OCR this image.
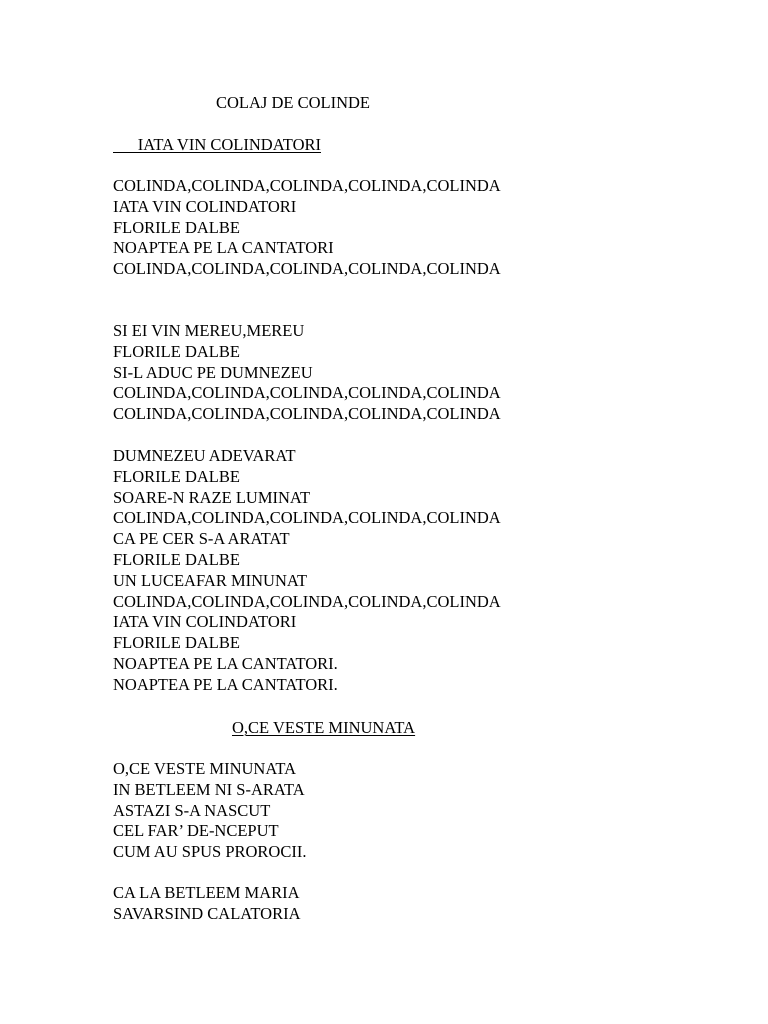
COLAJ DE COLINDE
IATA VIN COLINDATORI
COLINDA,COLINDA,COLINDA,COLINDA,COLINDA
IATA VIN COLINDATORI
FLORILE DALBE
NOAPTEA PE LA CANTATORI
COLINDA,COLINDA,COLINDA,COLINDA,COLINDA
SI EI VIN MEREU,MEREU
FLORILE DALBE
SI-L ADUC PE DUMNEZEU
COLINDA,COLINDA,COLINDA,COLINDA,COLINDA
COLINDA,COLINDA,COLINDA,COLINDA,COLINDA
DUMNEZEU ADEVARAT
FLORILE DALBE
SOARE-N RAZE LUMINAT
COLINDA,COLINDA,COLINDA,COLINDA,COLINDA
CA PE CER S-A ARATAT
FLORILE DALBE
UN LUCEAFAR MINUNAT
COLINDA,COLINDA,COLINDA,COLINDA,COLINDA
IATA VIN COLINDATORI
FLORILE DALBE
NOAPTEA PE LA CANTATORI.
NOAPTEA PE LA CANTATORI.
O,CE VESTE MINUNATA
O,CE VESTE MINUNATA
IN BETLEEM NI S-ARATA
ASTAZI S-A NASCUT
CEL FAR’ DE-NCEPUT
CUM AU SPUS PROROCII.
CA LA BETLEEM MARIA
SAVARSIND CALATORIA
